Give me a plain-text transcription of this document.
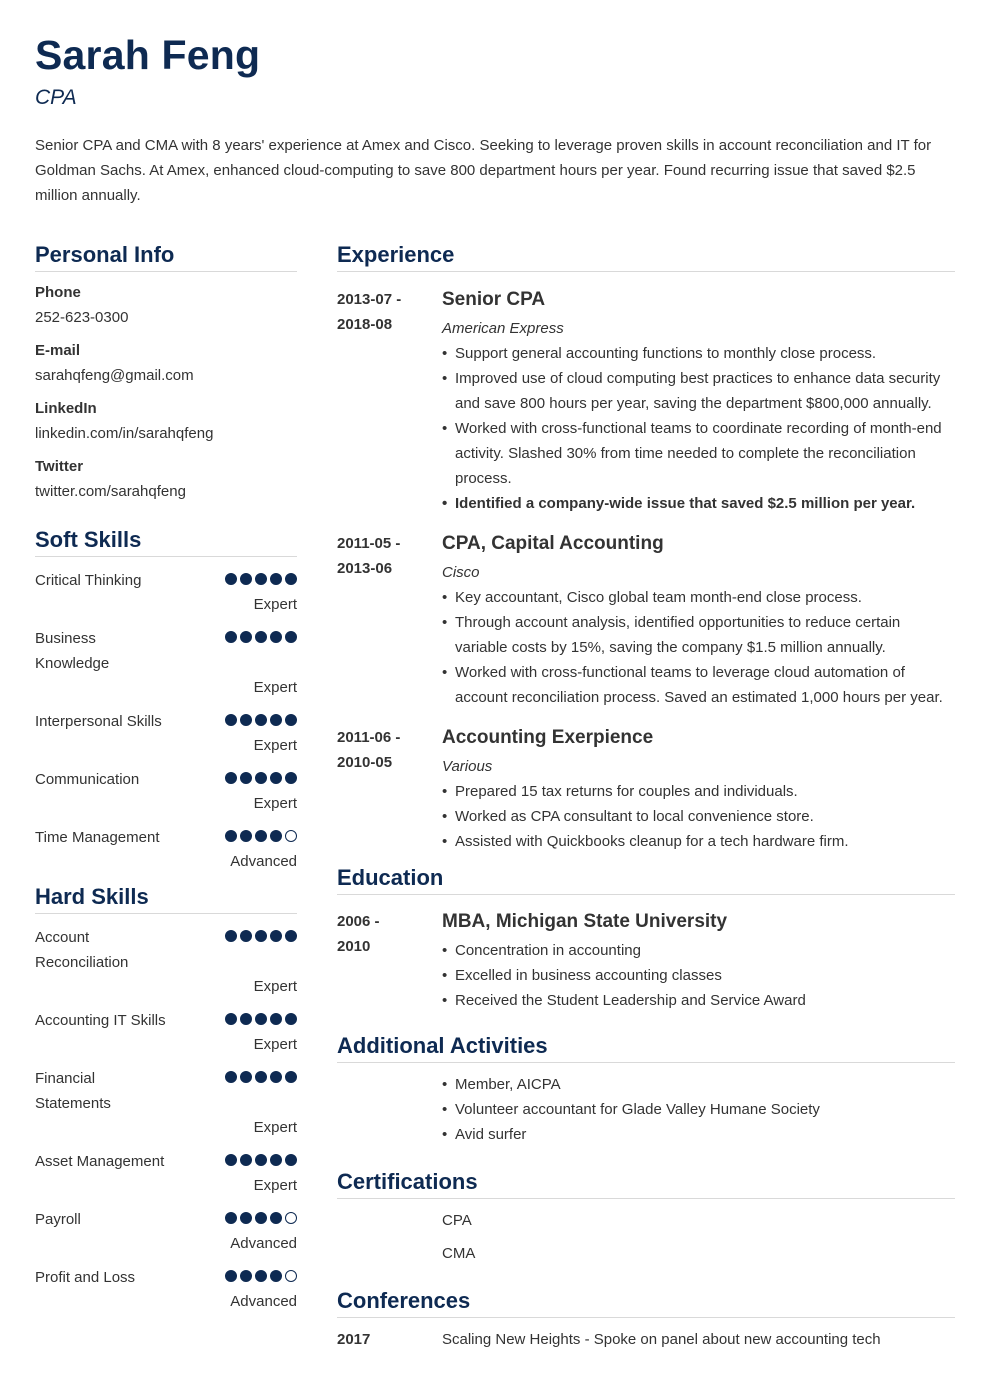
Sarah Feng
CPA
Senior CPA and CMA with 8 years' experience at Amex and Cisco. Seeking to leverage proven skills in account reconciliation and IT for Goldman Sachs. At Amex, enhanced cloud-computing to save 800 department hours per year. Found recurring issue that saved $2.5 million annually.
Personal Info
Phone
252-623-0300
E-mail
sarahqfeng@gmail.com
LinkedIn
linkedin.com/in/sarahqfeng
Twitter
twitter.com/sarahqfeng
Soft Skills
Critical Thinking
Expert
Business Knowledge
Expert
Interpersonal Skills
Expert
Communication
Expert
Time Management
Advanced
Hard Skills
Account Reconciliation
Expert
Accounting IT Skills
Expert
Financial Statements
Expert
Asset Management
Expert
Payroll
Advanced
Profit and Loss
Advanced
Experience
2013-07 -
2018-08
Senior CPA
American Express
• Support general accounting functions to monthly close process.
• Improved use of cloud computing best practices to enhance data security and save 800 hours per year, saving the department $800,000 annually.
• Worked with cross-functional teams to coordinate recording of month-end activity. Slashed 30% from time needed to complete the reconciliation process.
• Identified a company-wide issue that saved $2.5 million per year.
2011-05 -
2013-06
CPA, Capital Accounting
Cisco
• Key accountant, Cisco global team month-end close process.
• Through account analysis, identified opportunities to reduce certain variable costs by 15%, saving the company $1.5 million annually.
• Worked with cross-functional teams to leverage cloud automation of account reconciliation process. Saved an estimated 1,000 hours per year.
2011-06 -
2010-05
Accounting Exerpience
Various
• Prepared 15 tax returns for couples and individuals.
• Worked as CPA consultant to local convenience store.
• Assisted with Quickbooks cleanup for a tech hardware firm.
Education
2006 -
2010
MBA, Michigan State University
• Concentration in accounting
• Excelled in business accounting classes
• Received the Student Leadership and Service Award
Additional Activities
• Member, AICPA
• Volunteer accountant for Glade Valley Humane Society
• Avid surfer
Certifications
CPA
CMA
Conferences
2017	Scaling New Heights - Spoke on panel about new accounting tech
